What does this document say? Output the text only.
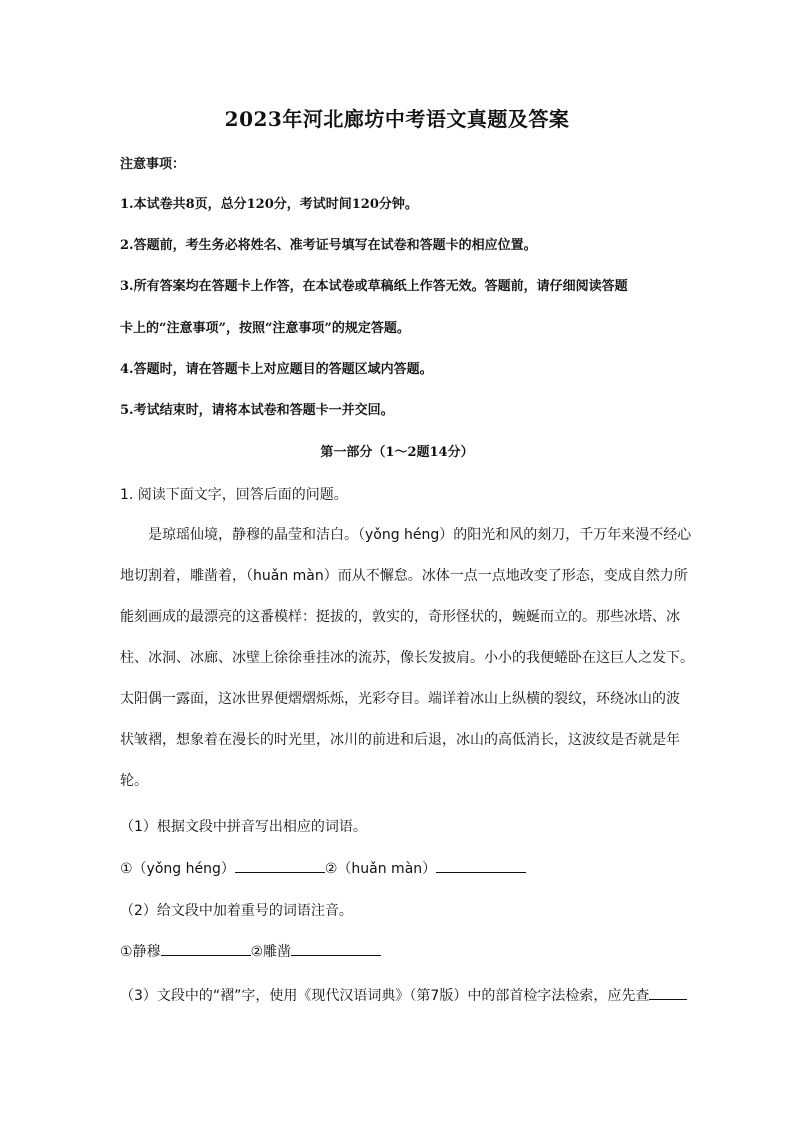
2023年河北廊坊中考语文真题及答案
注意事项：
1.本试卷共8页，总分120分，考试时间120分钟。
2.答题前，考生务必将姓名、准考证号填写在试卷和答题卡的相应位置。
3.所有答案均在答题卡上作答，在本试卷或草稿纸上作答无效。答题前，请仔细阅读答题
卡上的“注意事项”，按照“注意事项”的规定答题。
4.答题时，请在答题卡上对应题目的答题区域内答题。
5.考试结束时，请将本试卷和答题卡一并交回。
第一部分（1～2题14分）
1. 阅读下面文字，回答后面的问题。
　　是琼瑶仙境，静穆的晶莹和洁白。（yǒng héng）的阳光和风的刻刀，千万年来漫不经心
地切割着，雕凿着，（huǎn màn）而从不懈怠。冰体一点一点地改变了形态，变成自然力所
能刻画成的最漂亮的这番模样：挺拔的，敦实的，奇形怪状的，蜿蜒而立的。那些冰塔、冰
柱、冰洞、冰廊、冰壁上徐徐垂挂冰的流苏，像长发披肩。小小的我便蜷卧在这巨人之发下。
太阳偶一露面，这冰世界便熠熠烁烁，光彩夺目。端详着冰山上纵横的裂纹，环绕冰山的波
状皱褶，想象着在漫长的时光里，冰川的前进和后退，冰山的高低消长，这波纹是否就是年
轮。
（1）根据文段中拼音写出相应的词语。
①（yǒng héng）	②（huǎn màn）
（2）给文段中加着重号的词语注音。
①静穆	②雕凿
（3）文段中的“褶”字，使用《现代汉语词典》（第7版）中的部首检字法检索，应先查
